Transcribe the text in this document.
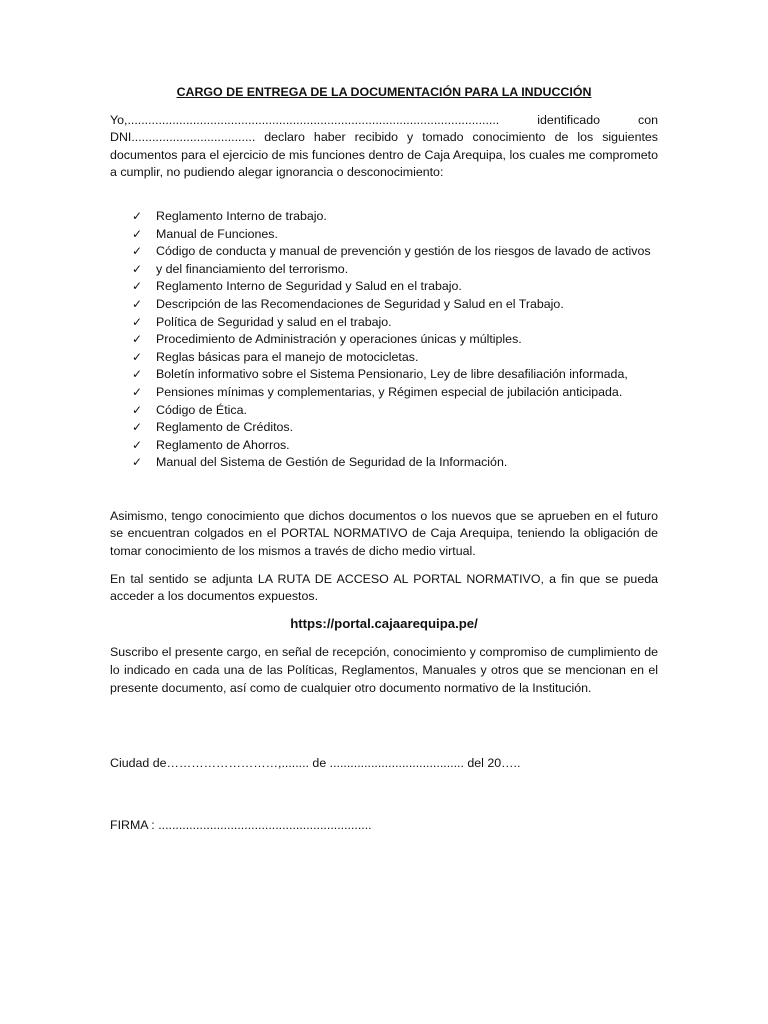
CARGO DE ENTREGA DE LA DOCUMENTACIÓN PARA LA INDUCCIÓN

Yo,............................................................................................................ identificado con DNI.................................... declaro haber recibido y tomado conocimiento de los siguientes documentos para el ejercicio de mis funciones dentro de Caja Arequipa, los cuales me comprometo a cumplir, no pudiendo alegar ignorancia o desconocimiento:

✓ Reglamento Interno de trabajo.
✓ Manual de Funciones.
✓ Código de conducta y manual de prevención y gestión de los riesgos de lavado de activos
✓ y del financiamiento del terrorismo.
✓ Reglamento Interno de Seguridad y Salud en el trabajo.
✓ Descripción de las Recomendaciones de Seguridad y Salud en el Trabajo.
✓ Política de Seguridad y salud en el trabajo.
✓ Procedimiento de Administración y operaciones únicas y múltiples.
✓ Reglas básicas para el manejo de motocicletas.
✓ Boletín informativo sobre el Sistema Pensionario, Ley de libre desafiliación informada,
✓ Pensiones mínimas y complementarias, y Régimen especial de jubilación anticipada.
✓ Código de Ética.
✓ Reglamento de Créditos.
✓ Reglamento de Ahorros.
✓ Manual del Sistema de Gestión de Seguridad de la Información.

Asimismo, tengo conocimiento que dichos documentos o los nuevos que se aprueben en el futuro se encuentran colgados en el PORTAL NORMATIVO de Caja Arequipa, teniendo la obligación de tomar conocimiento de los mismos a través de dicho medio virtual.

En tal sentido se adjunta LA RUTA DE ACCESO AL PORTAL NORMATIVO, a fin que se pueda acceder a los documentos expuestos.

https://portal.cajaarequipa.pe/

Suscribo el presente cargo, en señal de recepción, conocimiento y compromiso de cumplimiento de lo indicado en cada una de las Políticas, Reglamentos, Manuales y otros que se mencionan en el presente documento, así como de cualquier otro documento normativo de la Institución.

Ciudad de………………………,........ de ....................................... del 20…..

FIRMA : ..............................................................
